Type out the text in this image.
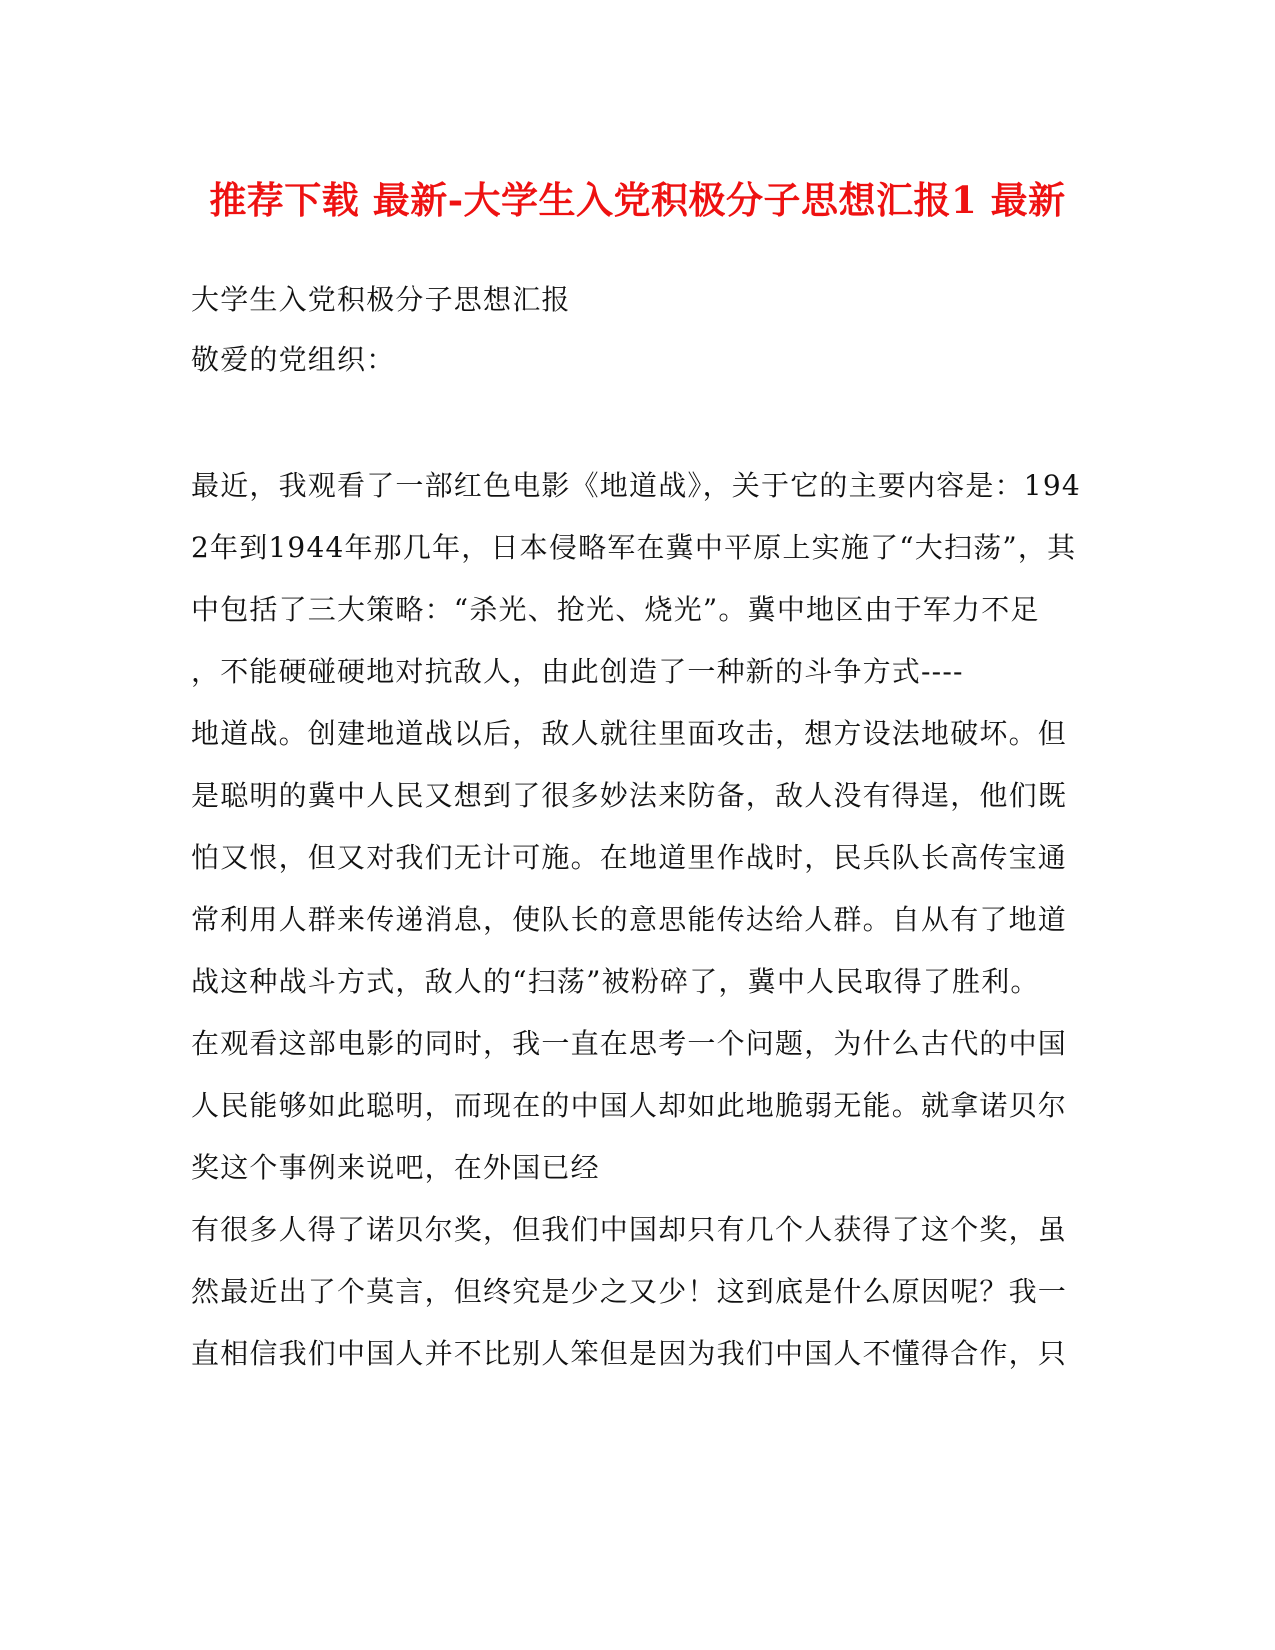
推荐下载 最新-大学生入党积极分子思想汇报1 最新
大学生入党积极分子思想汇报
敬爱的党组织：
最近，我观看了一部红色电影《地道战》，关于它的主要内容是：194
2年到1944年那几年，日本侵略军在冀中平原上实施了“大扫荡”，其
中包括了三大策略：“杀光、抢光、烧光”。冀中地区由于军力不足
，不能硬碰硬地对抗敌人，由此创造了一种新的斗争方式----
地道战。创建地道战以后，敌人就往里面攻击，想方设法地破坏。但
是聪明的冀中人民又想到了很多妙法来防备，敌人没有得逞，他们既
怕又恨，但又对我们无计可施。在地道里作战时，民兵队长高传宝通
常利用人群来传递消息，使队长的意思能传达给人群。自从有了地道
战这种战斗方式，敌人的“扫荡”被粉碎了，冀中人民取得了胜利。
在观看这部电影的同时，我一直在思考一个问题，为什么古代的中国
人民能够如此聪明，而现在的中国人却如此地脆弱无能。就拿诺贝尔
奖这个事例来说吧，在外国已经
有很多人得了诺贝尔奖，但我们中国却只有几个人获得了这个奖，虽
然最近出了个莫言，但终究是少之又少！这到底是什么原因呢？我一
直相信我们中国人并不比别人笨但是因为我们中国人不懂得合作，只
